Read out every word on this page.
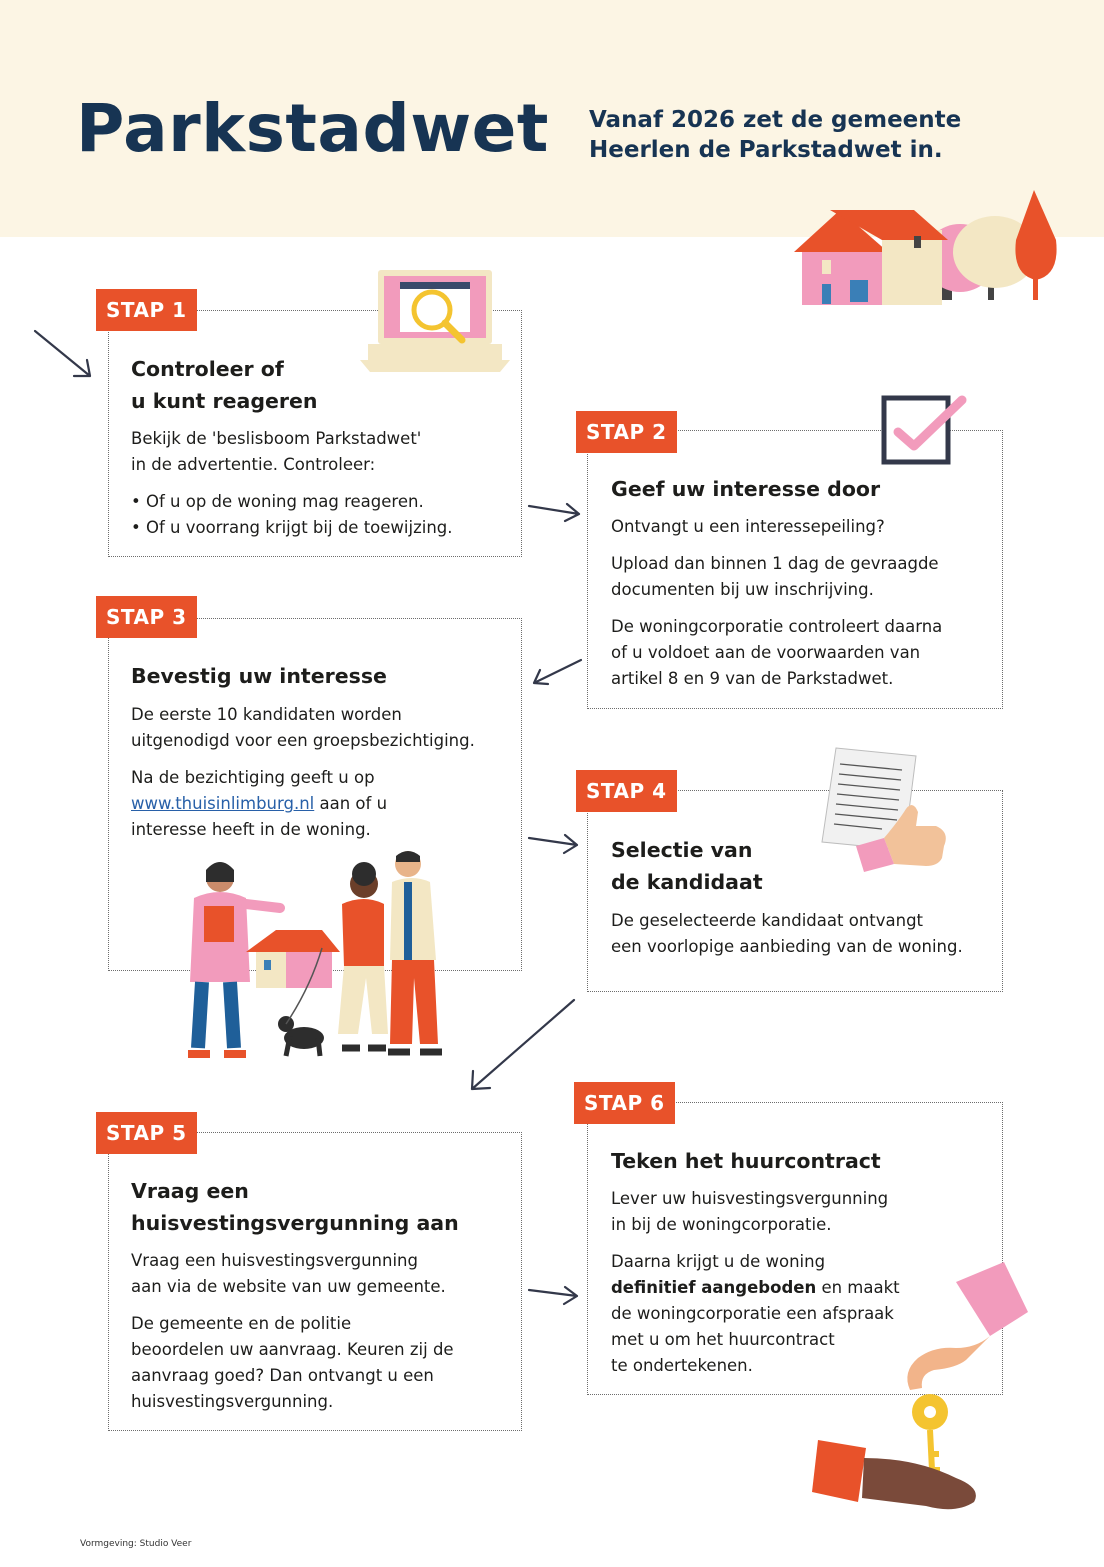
Parkstadwet Vanaf 2026 zet de gemeente
Heerlen de Parkstadwet in.

STAP 1
Controleer of
u kunt reageren
Bekijk de 'beslisboom Parkstadwet'
in de advertentie. Controleer:
• Of u op de woning mag reageren.
• Of u voorrang krijgt bij de toewijzing.
STAP 2
Geef uw interesse door
Ontvangt u een interessepeiling?
Upload dan binnen 1 dag de gevraagde
documenten bij uw inschrijving.
De woningcorporatie controleert daarna
of u voldoet aan de voorwaarden van
artikel 8 en 9 van de Parkstadwet.
STAP 3
Bevestig uw interesse
De eerste 10 kandidaten worden
uitgenodigd voor een groepsbezichtiging.
Na de bezichtiging geeft u op
www.thuisinlimburg.nl aan of u
interesse heeft in de woning.
STAP 4
Selectie van
de kandidaat
De geselecteerde kandidaat ontvangt
een voorlopige aanbieding van de woning.
STAP 5
Vraag een
huisvestingsvergunning aan
Vraag een huisvestingsvergunning
aan via de website van uw gemeente.
De gemeente en de politie
beoordelen uw aanvraag. Keuren zij de
aanvraag goed? Dan ontvangt u een
huisvestingsvergunning.
STAP 6
Teken het huurcontract
Lever uw huisvestingsvergunning
in bij de woningcorporatie.
Daarna krijgt u de woning
definitief aangeboden en maakt
de woningcorporatie een afspraak
met u om het huurcontract
te ondertekenen.
Vormgeving: Studio Veer
